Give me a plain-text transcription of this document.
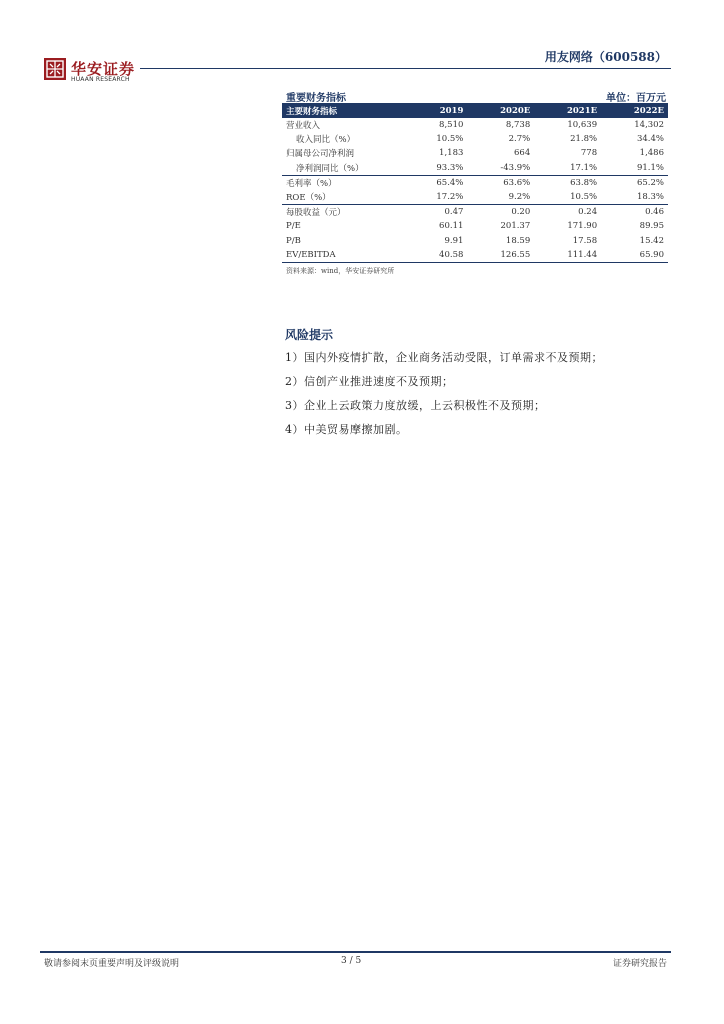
华安证券
HUAAN RESEARCH
用友网络（600588）
重要财务指标	单位：百万元
主要财务指标	2019	2020E	2021E	2022E
营业收入	8,510	8,738	10,639	14,302
收入同比（%）	10.5%	2.7%	21.8%	34.4%
归属母公司净利润	1,183	664	778	1,486
净利润同比（%）	93.3%	-43.9%	17.1%	91.1%
毛利率（%）	65.4%	63.6%	63.8%	65.2%
ROE（%）	17.2%	9.2%	10.5%	18.3%
每股收益（元）	0.47	0.20	0.24	0.46
P/E	60.11	201.37	171.90	89.95
P/B	9.91	18.59	17.58	15.42
EV/EBITDA	40.58	126.55	111.44	65.90
资料来源：wind，华安证券研究所
风险提示
1）国内外疫情扩散，企业商务活动受限，订单需求不及预期；
2）信创产业推进速度不及预期；
3）企业上云政策力度放缓，上云积极性不及预期；
4）中美贸易摩擦加剧。
敬请参阅末页重要声明及评级说明	3 / 5	证券研究报告
